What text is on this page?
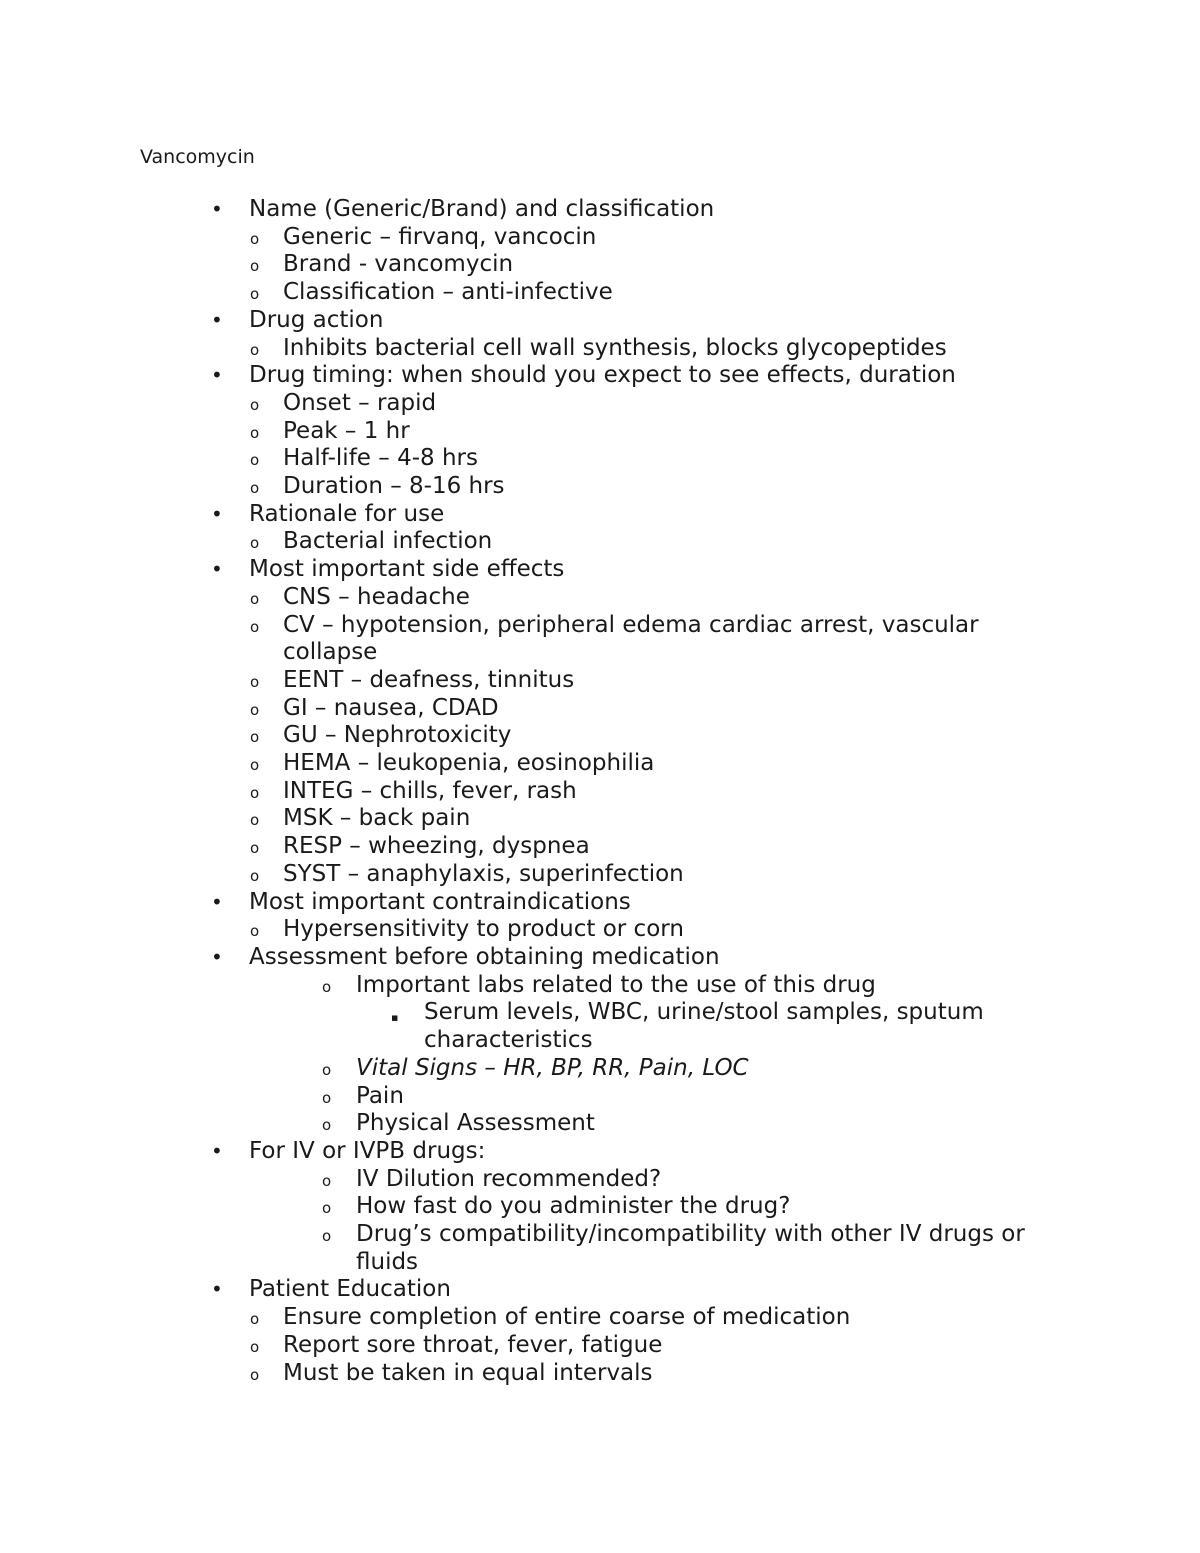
Vancomycin
• Name (Generic/Brand) and classification
o Generic – firvanq, vancocin
o Brand - vancomycin
o Classification – anti-infective
• Drug action
o Inhibits bacterial cell wall synthesis, blocks glycopeptides
• Drug timing: when should you expect to see effects, duration
o Onset – rapid
o Peak – 1 hr
o Half-life – 4-8 hrs
o Duration – 8-16 hrs
• Rationale for use
o Bacterial infection
• Most important side effects
o CNS – headache
o CV – hypotension, peripheral edema cardiac arrest, vascular collapse
o EENT – deafness, tinnitus
o GI – nausea, CDAD
o GU – Nephrotoxicity
o HEMA – leukopenia, eosinophilia
o INTEG – chills, fever, rash
o MSK – back pain
o RESP – wheezing, dyspnea
o SYST – anaphylaxis, superinfection
• Most important contraindications
o Hypersensitivity to product or corn
• Assessment before obtaining medication
o Important labs related to the use of this drug
▪ Serum levels, WBC, urine/stool samples, sputum characteristics
o Vital Signs – HR, BP, RR, Pain, LOC
o Pain
o Physical Assessment
• For IV or IVPB drugs:
o IV Dilution recommended?
o How fast do you administer the drug?
o Drug’s compatibility/incompatibility with other IV drugs or fluids
• Patient Education
o Ensure completion of entire coarse of medication
o Report sore throat, fever, fatigue
o Must be taken in equal intervals
